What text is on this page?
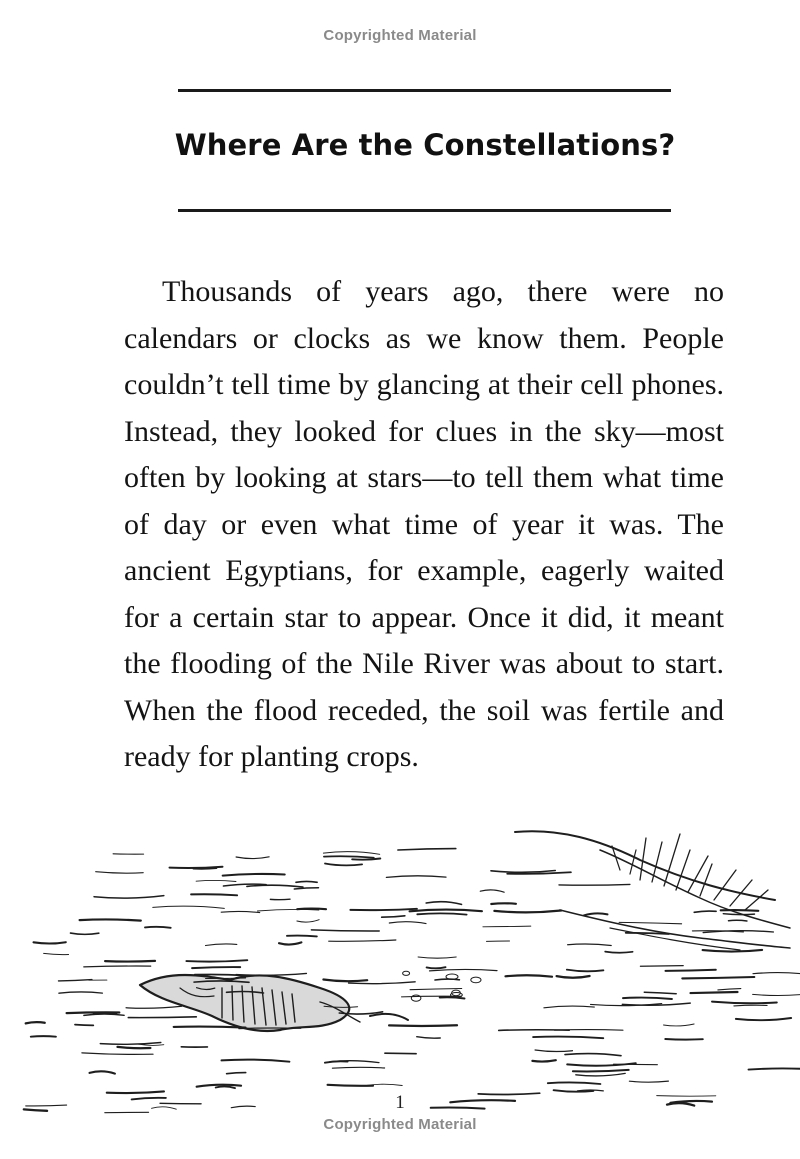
Copyrighted Material
Where Are the Constellations?

Thousands of years ago, there were no calendars or clocks as we know them. People couldn’t tell time by glancing at their cell phones. Instead, they looked for clues in the sky—most often by looking at stars—to tell them what time of day or even what time of year it was. The ancient Egyptians, for example, eagerly waited for a certain star to appear. Once it did, it meant the flooding of the Nile River was about to start. When the flood receded, the soil was fertile and ready for planting crops.

1
Copyrighted Material
